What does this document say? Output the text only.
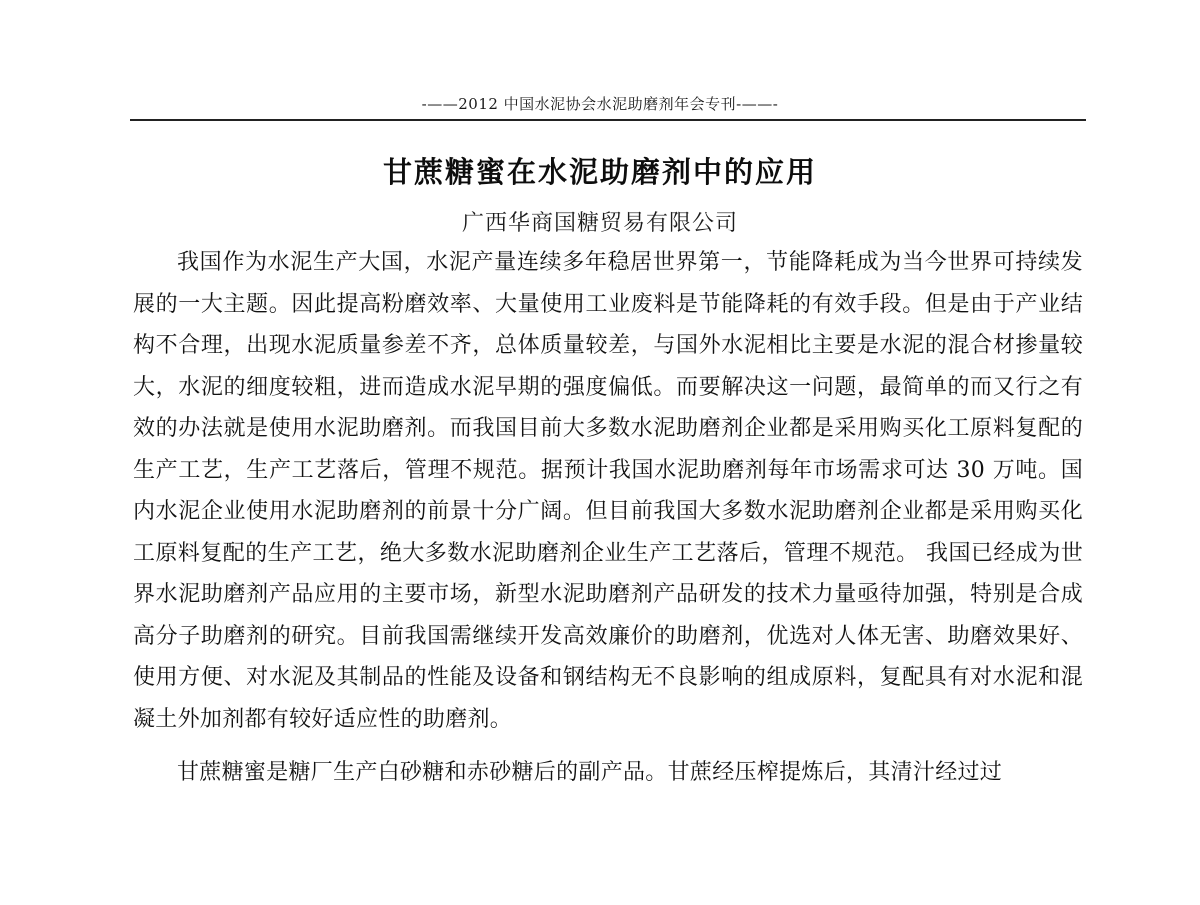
-——2012 中国水泥协会水泥助磨剂年会专刊-——-
甘蔗糖蜜在水泥助磨剂中的应用
广西华商国糖贸易有限公司

我国作为水泥生产大国，水泥产量连续多年稳居世界第一，节能降耗成为当今世界可持续发展的一大主题。因此提高粉磨效率、大量使用工业废料是节能降耗的有效手段。但是由于产业结构不合理，出现水泥质量参差不齐，总体质量较差，与国外水泥相比主要是水泥的混合材掺量较大，水泥的细度较粗，进而造成水泥早期的强度偏低。而要解决这一问题，最简单的而又行之有效的办法就是使用水泥助磨剂。而我国目前大多数水泥助磨剂企业都是采用购买化工原料复配的生产工艺，生产工艺落后，管理不规范。据预计我国水泥助磨剂每年市场需求可达 30 万吨。国内水泥企业使用水泥助磨剂的前景十分广阔。但目前我国大多数水泥助磨剂企业都是采用购买化工原料复配的生产工艺，绝大多数水泥助磨剂企业生产工艺落后，管理不规范。 我国已经成为世界水泥助磨剂产品应用的主要市场，新型水泥助磨剂产品研发的技术力量亟待加强，特别是合成高分子助磨剂的研究。目前我国需继续开发高效廉价的助磨剂，优选对人体无害、助磨效果好、使用方便、对水泥及其制品的性能及设备和钢结构无不良影响的组成原料，复配具有对水泥和混凝土外加剂都有较好适应性的助磨剂。

甘蔗糖蜜是糖厂生产白砂糖和赤砂糖后的副产品。甘蔗经压榨提炼后，其清汁经过过
